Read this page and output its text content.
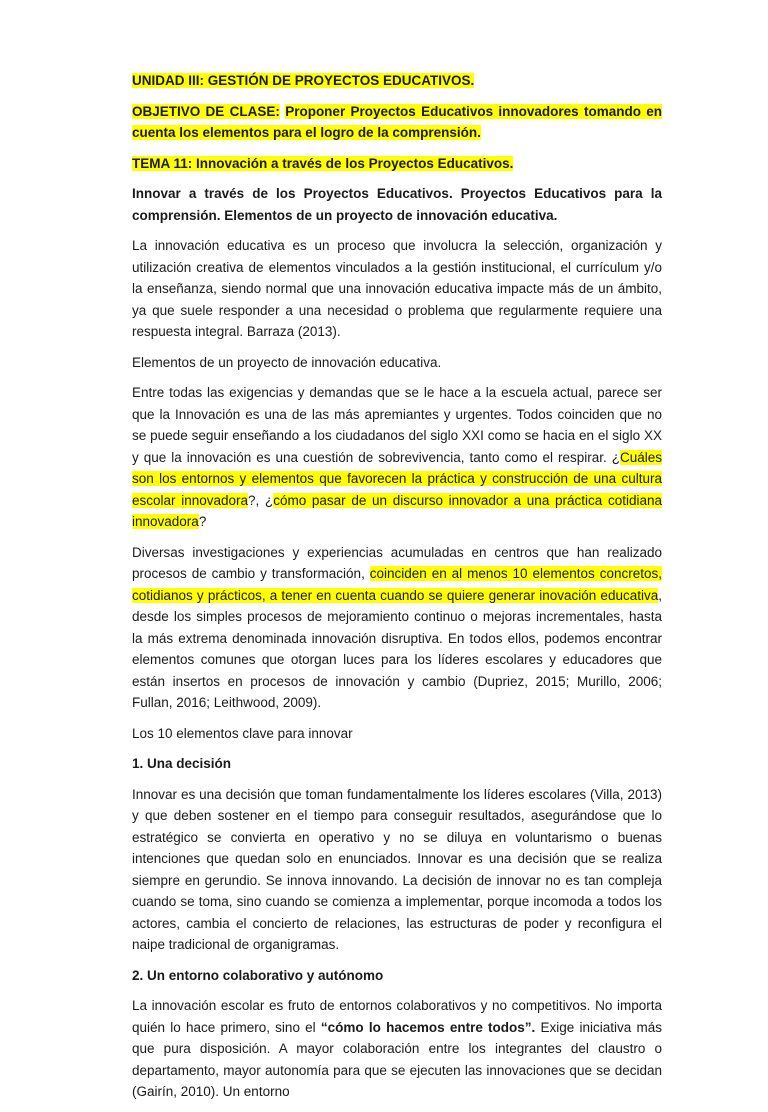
UNIDAD III: GESTIÓN DE PROYECTOS EDUCATIVOS.

OBJETIVO DE CLASE: Proponer Proyectos Educativos innovadores tomando en cuenta los elementos para el logro de la comprensión.

TEMA 11: Innovación a través de los Proyectos Educativos.

Innovar a través de los Proyectos Educativos. Proyectos Educativos para la comprensión. Elementos de un proyecto de innovación educativa.

La innovación educativa es un proceso que involucra la selección, organización y utilización creativa de elementos vinculados a la gestión institucional, el currículum y/o la enseñanza, siendo normal que una innovación educativa impacte más de un ámbito, ya que suele responder a una necesidad o problema que regularmente requiere una respuesta integral. Barraza (2013).

Elementos de un proyecto de innovación educativa.

Entre todas las exigencias y demandas que se le hace a la escuela actual, parece ser que la Innovación es una de las más apremiantes y urgentes. Todos coinciden que no se puede seguir enseñando a los ciudadanos del siglo XXI como se hacia en el siglo XX y que la innovación es una cuestión de sobrevivencia, tanto como el respirar. ¿Cuáles son los entornos y elementos que favorecen la práctica y construcción de una cultura escolar innovadora?, ¿cómo pasar de un discurso innovador a una práctica cotidiana innovadora?

Diversas investigaciones y experiencias acumuladas en centros que han realizado procesos de cambio y transformación, coinciden en al menos 10 elementos concretos, cotidianos y prácticos, a tener en cuenta cuando se quiere generar inovación educativa, desde los simples procesos de mejoramiento continuo o mejoras incrementales, hasta la más extrema denominada innovación disruptiva. En todos ellos, podemos encontrar elementos comunes que otorgan luces para los líderes escolares y educadores que están insertos en procesos de innovación y cambio (Dupriez, 2015; Murillo, 2006; Fullan, 2016; Leithwood, 2009).

Los 10 elementos clave para innovar

1. Una decisión

Innovar es una decisión que toman fundamentalmente los líderes escolares (Villa, 2013) y que deben sostener en el tiempo para conseguir resultados, asegurándose que lo estratégico se convierta en operativo y no se diluya en voluntarismo o buenas intenciones que quedan solo en enunciados. Innovar es una decisión que se realiza siempre en gerundio. Se innova innovando. La decisión de innovar no es tan compleja cuando se toma, sino cuando se comienza a implementar, porque incomoda a todos los actores, cambia el concierto de relaciones, las estructuras de poder y reconfigura el naipe tradicional de organigramas.

2. Un entorno colaborativo y autónomo

La innovación escolar es fruto de entornos colaborativos y no competitivos. No importa quién lo hace primero, sino el “cómo lo hacemos entre todos”. Exige iniciativa más que pura disposición. A mayor colaboración entre los integrantes del claustro o departamento, mayor autonomía para que se ejecuten las innovaciones que se decidan (Gairín, 2010). Un entorno
